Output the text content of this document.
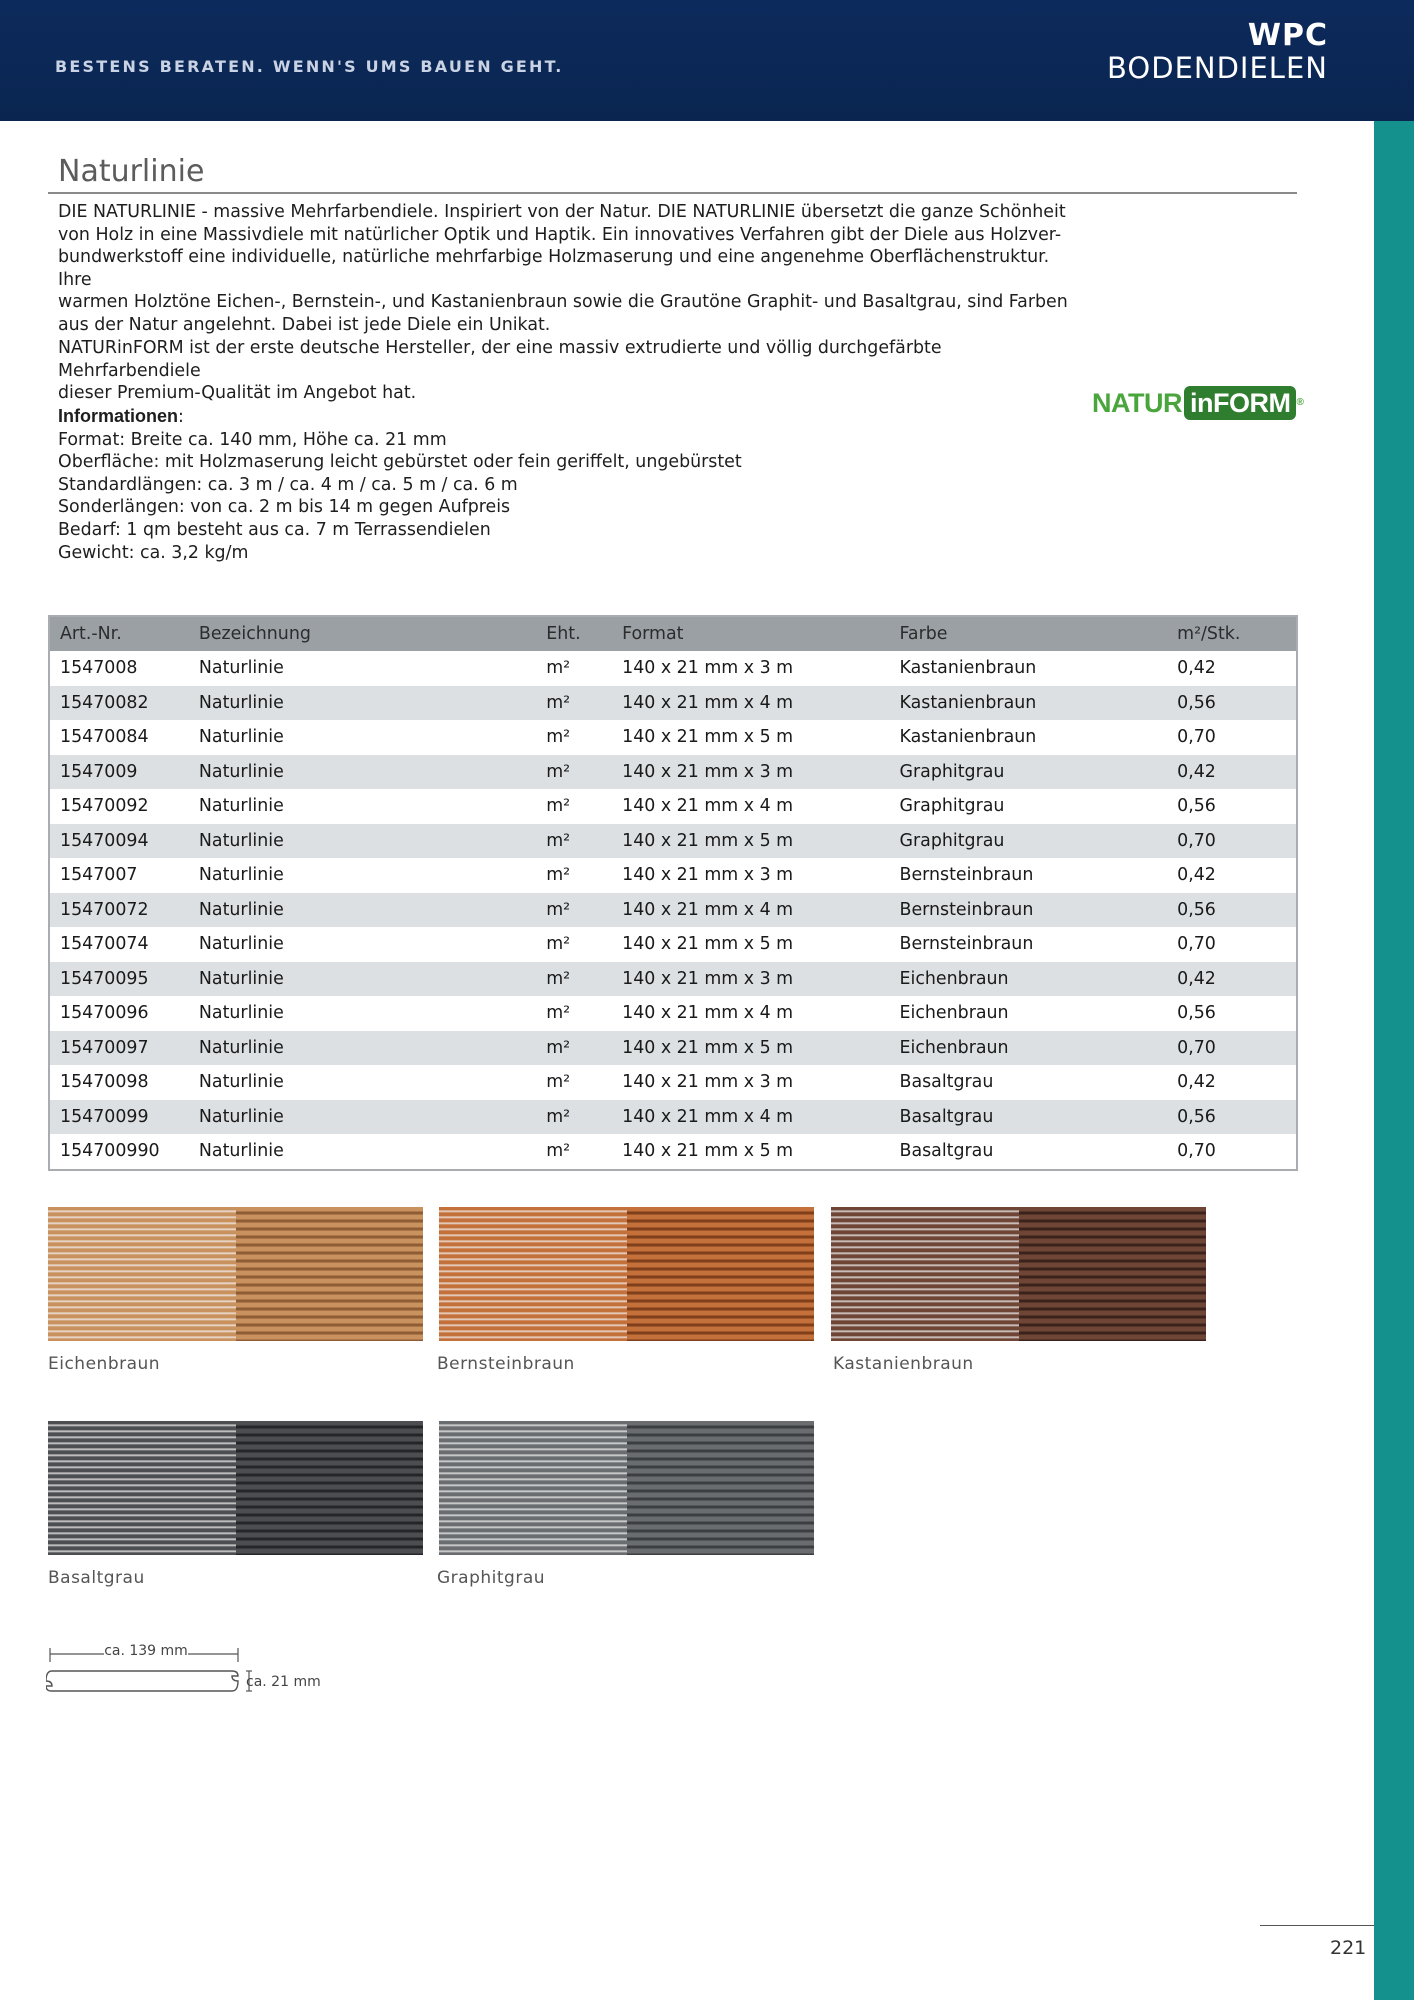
BESTENS BERATEN. WENN'S UMS BAUEN GEHT.
WPC
BODENDIELEN
Naturlinie
DIE NATURLINIE - massive Mehrfarbendiele. Inspiriert von der Natur. DIE NATURLINIE übersetzt die ganze Schönheit
von Holz in eine Massivdiele mit natürlicher Optik und Haptik. Ein innovatives Verfahren gibt der Diele aus Holzver-
bundwerkstoff eine individuelle, natürliche mehrfarbige Holzmaserung und eine angenehme Oberflächenstruktur. Ihre
warmen Holztöne Eichen-, Bernstein-, und Kastanienbraun sowie die Grautöne Graphit- und Basaltgrau, sind Farben
aus der Natur angelehnt. Dabei ist jede Diele ein Unikat.
NATURinFORM ist der erste deutsche Hersteller, der eine massiv extrudierte und völlig durchgefärbte Mehrfarbendiele
dieser Premium-Qualität im Angebot hat.
Informationen:
Format: Breite ca. 140 mm, Höhe ca. 21 mm
Oberfläche: mit Holzmaserung leicht gebürstet oder fein geriffelt, ungebürstet
Standardlängen: ca. 3 m / ca. 4 m / ca. 5 m / ca. 6 m
Sonderlängen: von ca. 2 m bis 14 m gegen Aufpreis
Bedarf: 1 qm besteht aus ca. 7 m Terrassendielen
Gewicht: ca. 3,2 kg/m
NATUR inFORM ®
Art.-Nr.	Bezeichnung	Eht.	Format	Farbe	m²/Stk.
1547008	Naturlinie	m²	140 x 21 mm x 3 m	Kastanienbraun	0,42
15470082	Naturlinie	m²	140 x 21 mm x 4 m	Kastanienbraun	0,56
15470084	Naturlinie	m²	140 x 21 mm x 5 m	Kastanienbraun	0,70
1547009	Naturlinie	m²	140 x 21 mm x 3 m	Graphitgrau	0,42
15470092	Naturlinie	m²	140 x 21 mm x 4 m	Graphitgrau	0,56
15470094	Naturlinie	m²	140 x 21 mm x 5 m	Graphitgrau	0,70
1547007	Naturlinie	m²	140 x 21 mm x 3 m	Bernsteinbraun	0,42
15470072	Naturlinie	m²	140 x 21 mm x 4 m	Bernsteinbraun	0,56
15470074	Naturlinie	m²	140 x 21 mm x 5 m	Bernsteinbraun	0,70
15470095	Naturlinie	m²	140 x 21 mm x 3 m	Eichenbraun	0,42
15470096	Naturlinie	m²	140 x 21 mm x 4 m	Eichenbraun	0,56
15470097	Naturlinie	m²	140 x 21 mm x 5 m	Eichenbraun	0,70
15470098	Naturlinie	m²	140 x 21 mm x 3 m	Basaltgrau	0,42
15470099	Naturlinie	m²	140 x 21 mm x 4 m	Basaltgrau	0,56
154700990	Naturlinie	m²	140 x 21 mm x 5 m	Basaltgrau	0,70
Eichenbraun	Bernsteinbraun	Kastanienbraun
Basaltgrau	Graphitgrau
ca. 139 mm
ca. 21 mm
221
